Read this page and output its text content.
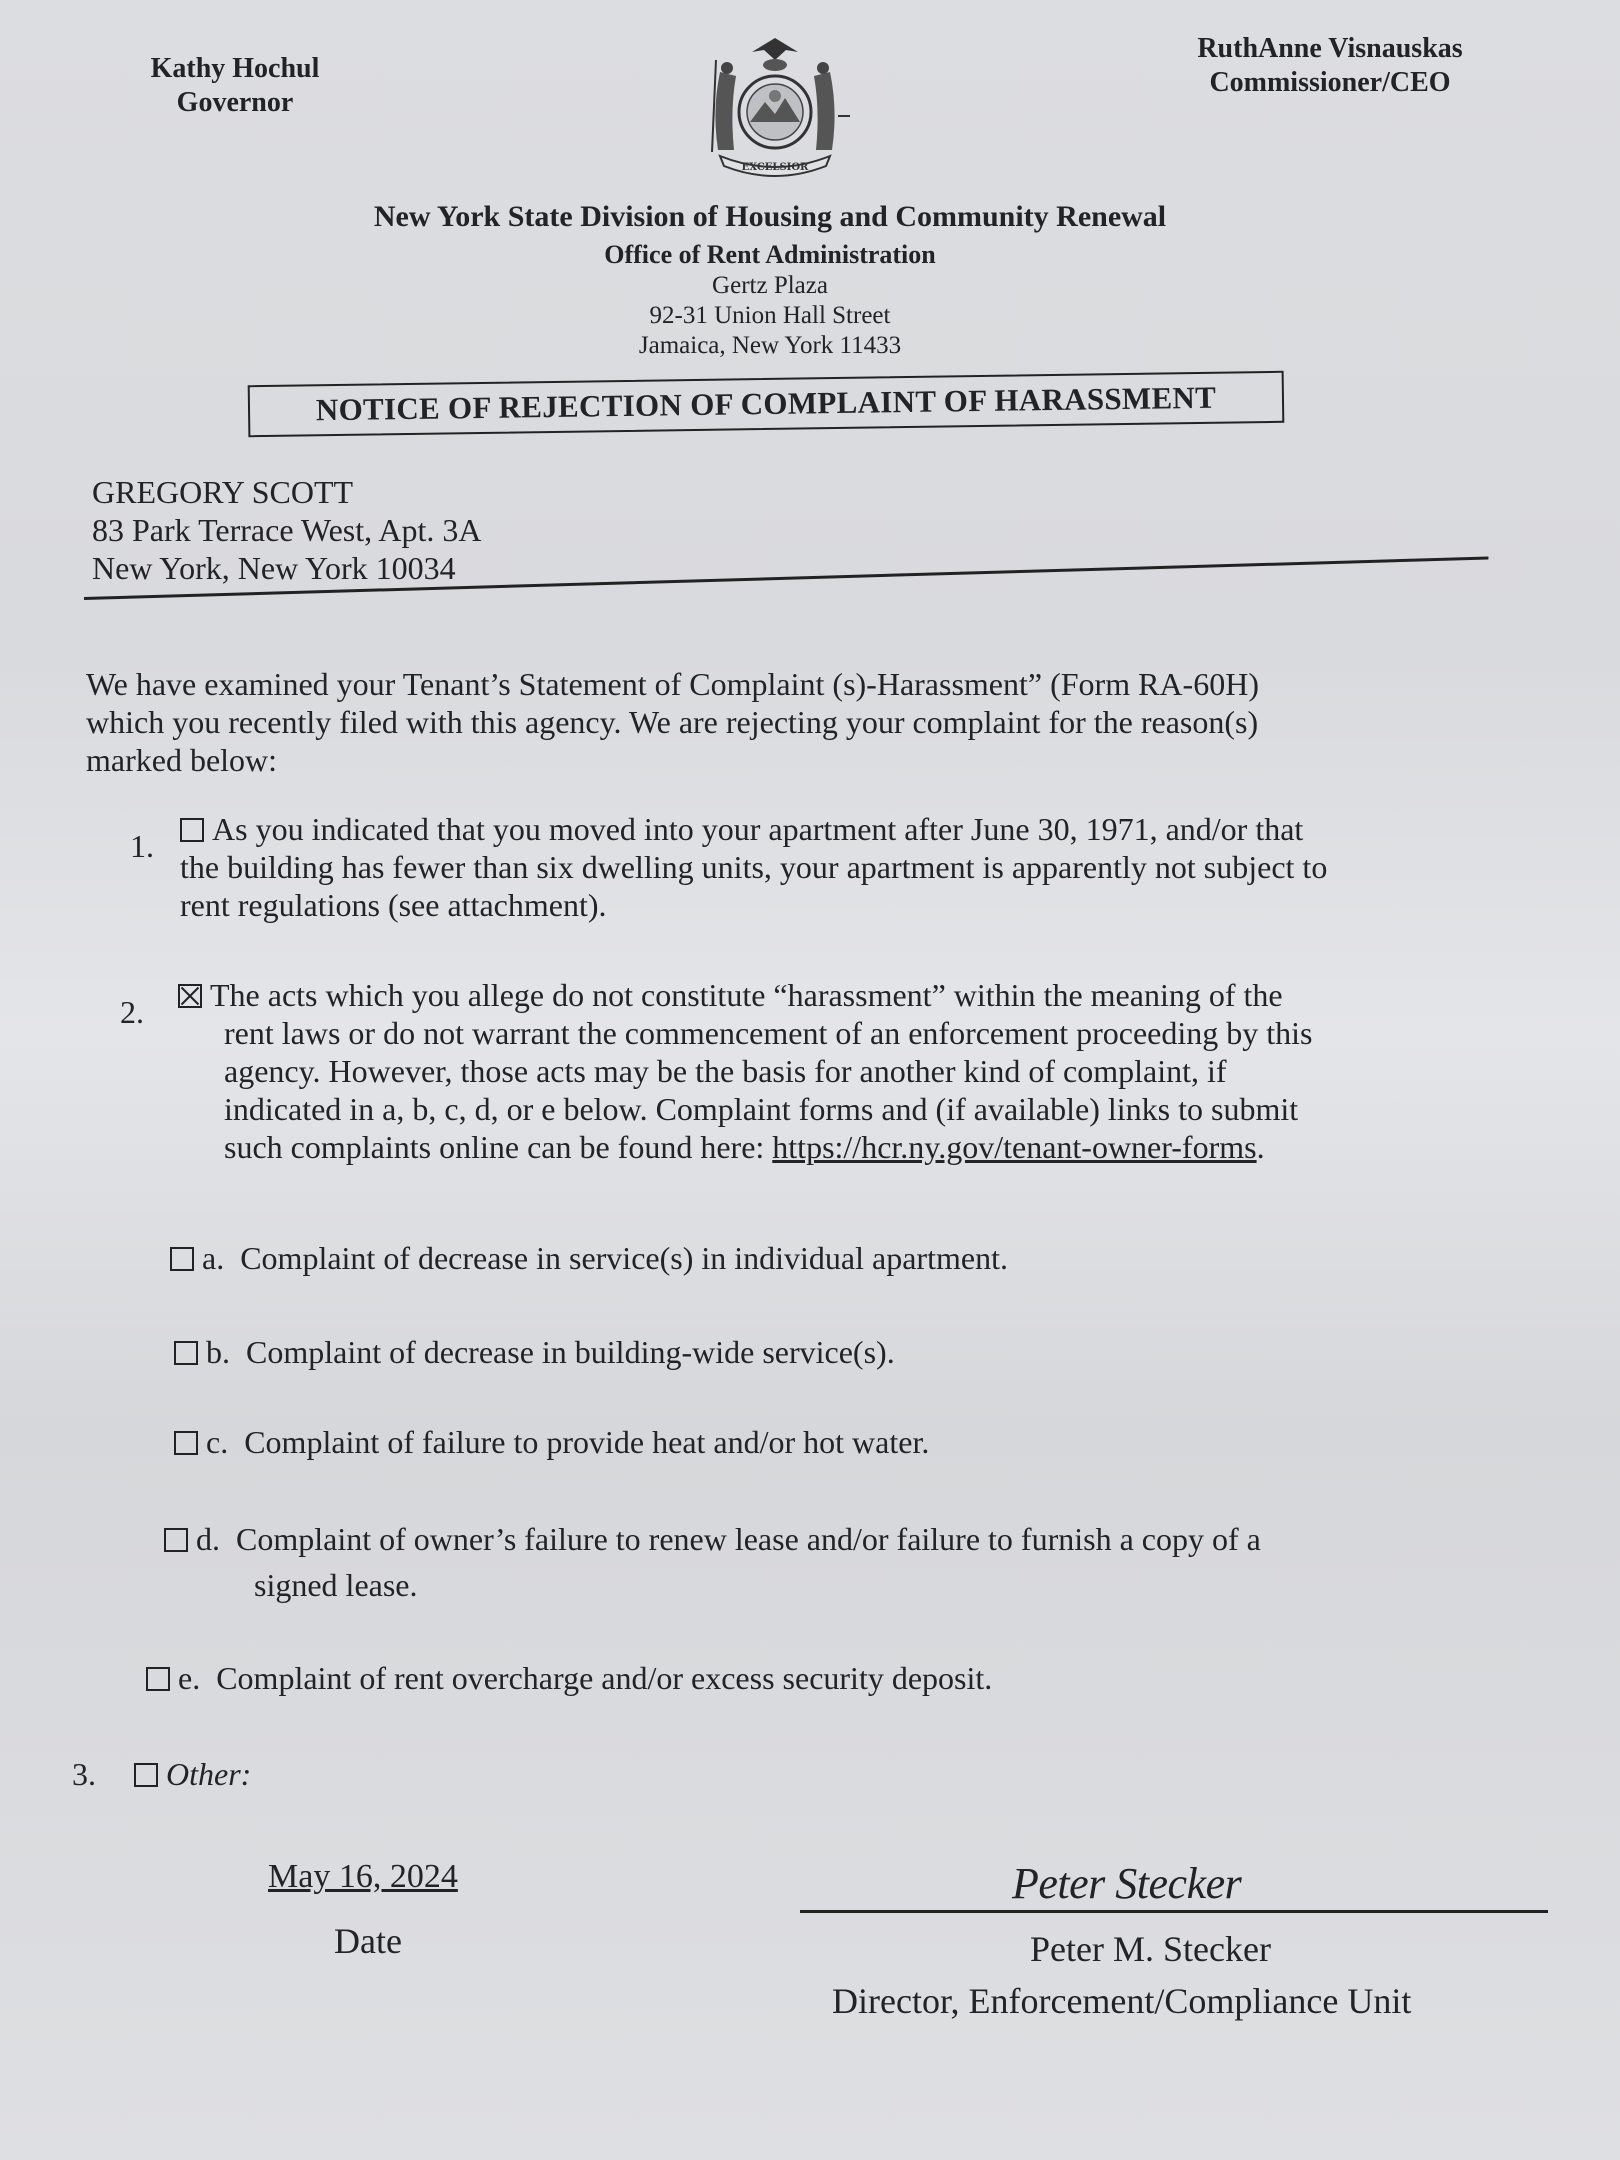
Kathy Hochul
Governor
RuthAnne Visnauskas
Commissioner/CEO
EXCELSIOR
New York State Division of Housing and Community Renewal
Office of Rent Administration
Gertz Plaza
92-31 Union Hall Street
Jamaica, New York 11433
NOTICE OF REJECTION OF COMPLAINT OF HARASSMENT
GREGORY SCOTT
83 Park Terrace West, Apt. 3A
New York, New York 10034
We have examined your Tenant’s Statement of Complaint (s)-Harassment” (Form RA-60H)
which you recently filed with this agency. We are rejecting your complaint for the reason(s)
marked below:
1.	As you indicated that you moved into your apartment after June 30, 1971, and/or that
the building has fewer than six dwelling units, your apartment is apparently not subject to
rent regulations (see attachment).
2.	The acts which you allege do not constitute “harassment” within the meaning of the
rent laws or do not warrant the commencement of an enforcement proceeding by this
agency. However, those acts may be the basis for another kind of complaint, if
indicated in a, b, c, d, or e below. Complaint forms and (if available) links to submit
such complaints online can be found here: https://hcr.ny.gov/tenant-owner-forms.
a. Complaint of decrease in service(s) in individual apartment.
b. Complaint of decrease in building-wide service(s).
c. Complaint of failure to provide heat and/or hot water.
d. Complaint of owner’s failure to renew lease and/or failure to furnish a copy of a
signed lease.
e. Complaint of rent overcharge and/or excess security deposit.
3.	Other:
May 16, 2024
Date
Peter Stecker
Peter M. Stecker
Director, Enforcement/Compliance Unit
